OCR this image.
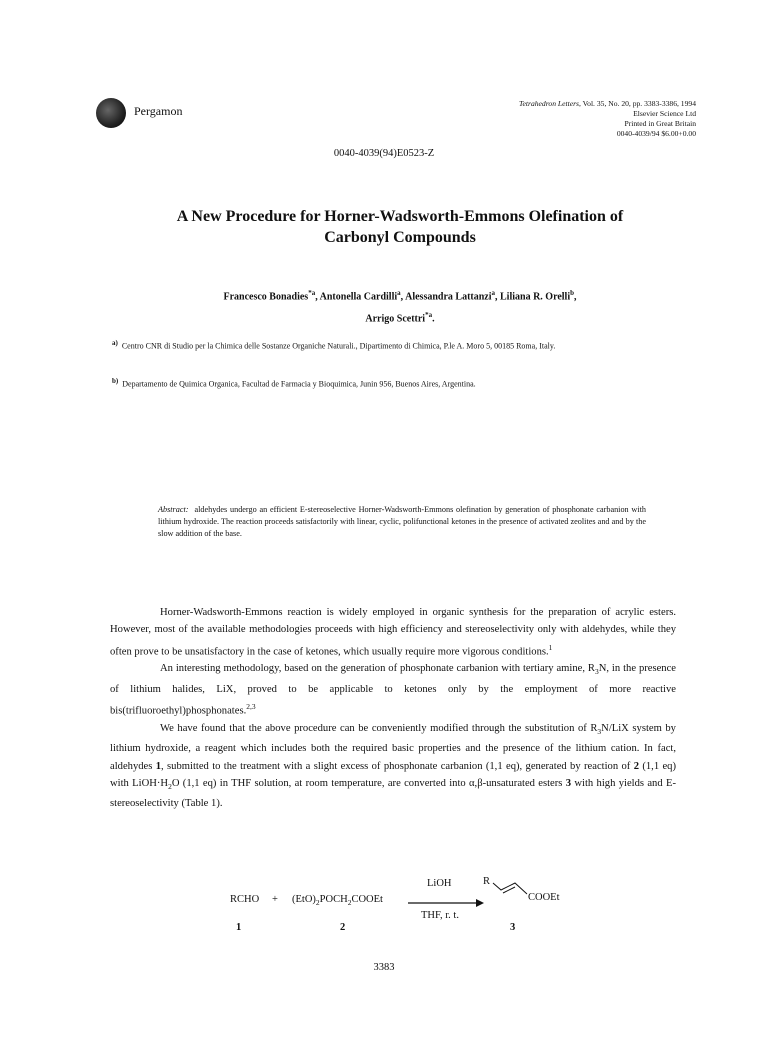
Pergamon
Tetrahedron Letters, Vol. 35, No. 20, pp. 3383-3386, 1994
Elsevier Science Ltd
Printed in Great Britain
0040-4039/94 $6.00+0.00
0040-4039(94)E0523-Z
A New Procedure for Horner-Wadsworth-Emmons Olefination of
Carbonyl Compounds
Francesco Bonadies$^{*a}$, Antonella Cardilli$^a$, Alessandra Lattanzi$^a$, Liliana R. Orelli$^b$,
Arrigo Scettri$^{*a}$.
$^{a)}$ Centro CNR di Studio per la Chimica delle Sostanze Organiche Naturali., Dipartimento di Chimica, P.le A. Moro 5, 00185 Roma, Italy.
$^{b)}$ Departamento de Quimica Organica, Facultad de Farmacia y Bioquimica, Junin 956, Buenos Aires, Argentina.
Abstract: aldehydes undergo an efficient E-stereoselective Horner-Wadsworth-Emmons olefination by generation of phosphonate carbanion with lithium hydroxide. The reaction proceeds satisfactorily with linear, cyclic, polifunctional ketones in the presence of activated zeolites and and by the slow addition of the base.

Horner-Wadsworth-Emmons reaction is widely employed in organic synthesis for the preparation of acrylic esters. However, most of the available methodologies proceeds with high efficiency and stereoselectivity only with aldehydes, while they often prove to be unsatisfactory in the case of ketones, which usually require more vigorous conditions.$^1$

An interesting methodology, based on the generation of phosphonate carbanion with tertiary amine, $R_3N$, in the presence of lithium halides, LiX, proved to be applicable to ketones only by the employment of more reactive bis(trifluoroethyl)phosphonates.$^{2,3}$

We have found that the above procedure can be conveniently modified through the substitution of $R_3N$/LiX system by lithium hydroxide, a reagent which includes both the required basic properties and the presence of the lithium cation. In fact, aldehydes 1, submitted to the treatment with a slight excess of phosphonate carbanion (1,1 eq), generated by reaction of 2 (1,1 eq) with $LiOH\cdot H_2O$ (1,1 eq) in THF solution, at room temperature, are converted into α,β-unsaturated esters 3 with high yields and E-stereoselectivity (Table 1).

RCHO + $(EtO)_2POCH_2COOEt$
LiOH
THF, r. t.
R
COOEt
1	2	3
3383
